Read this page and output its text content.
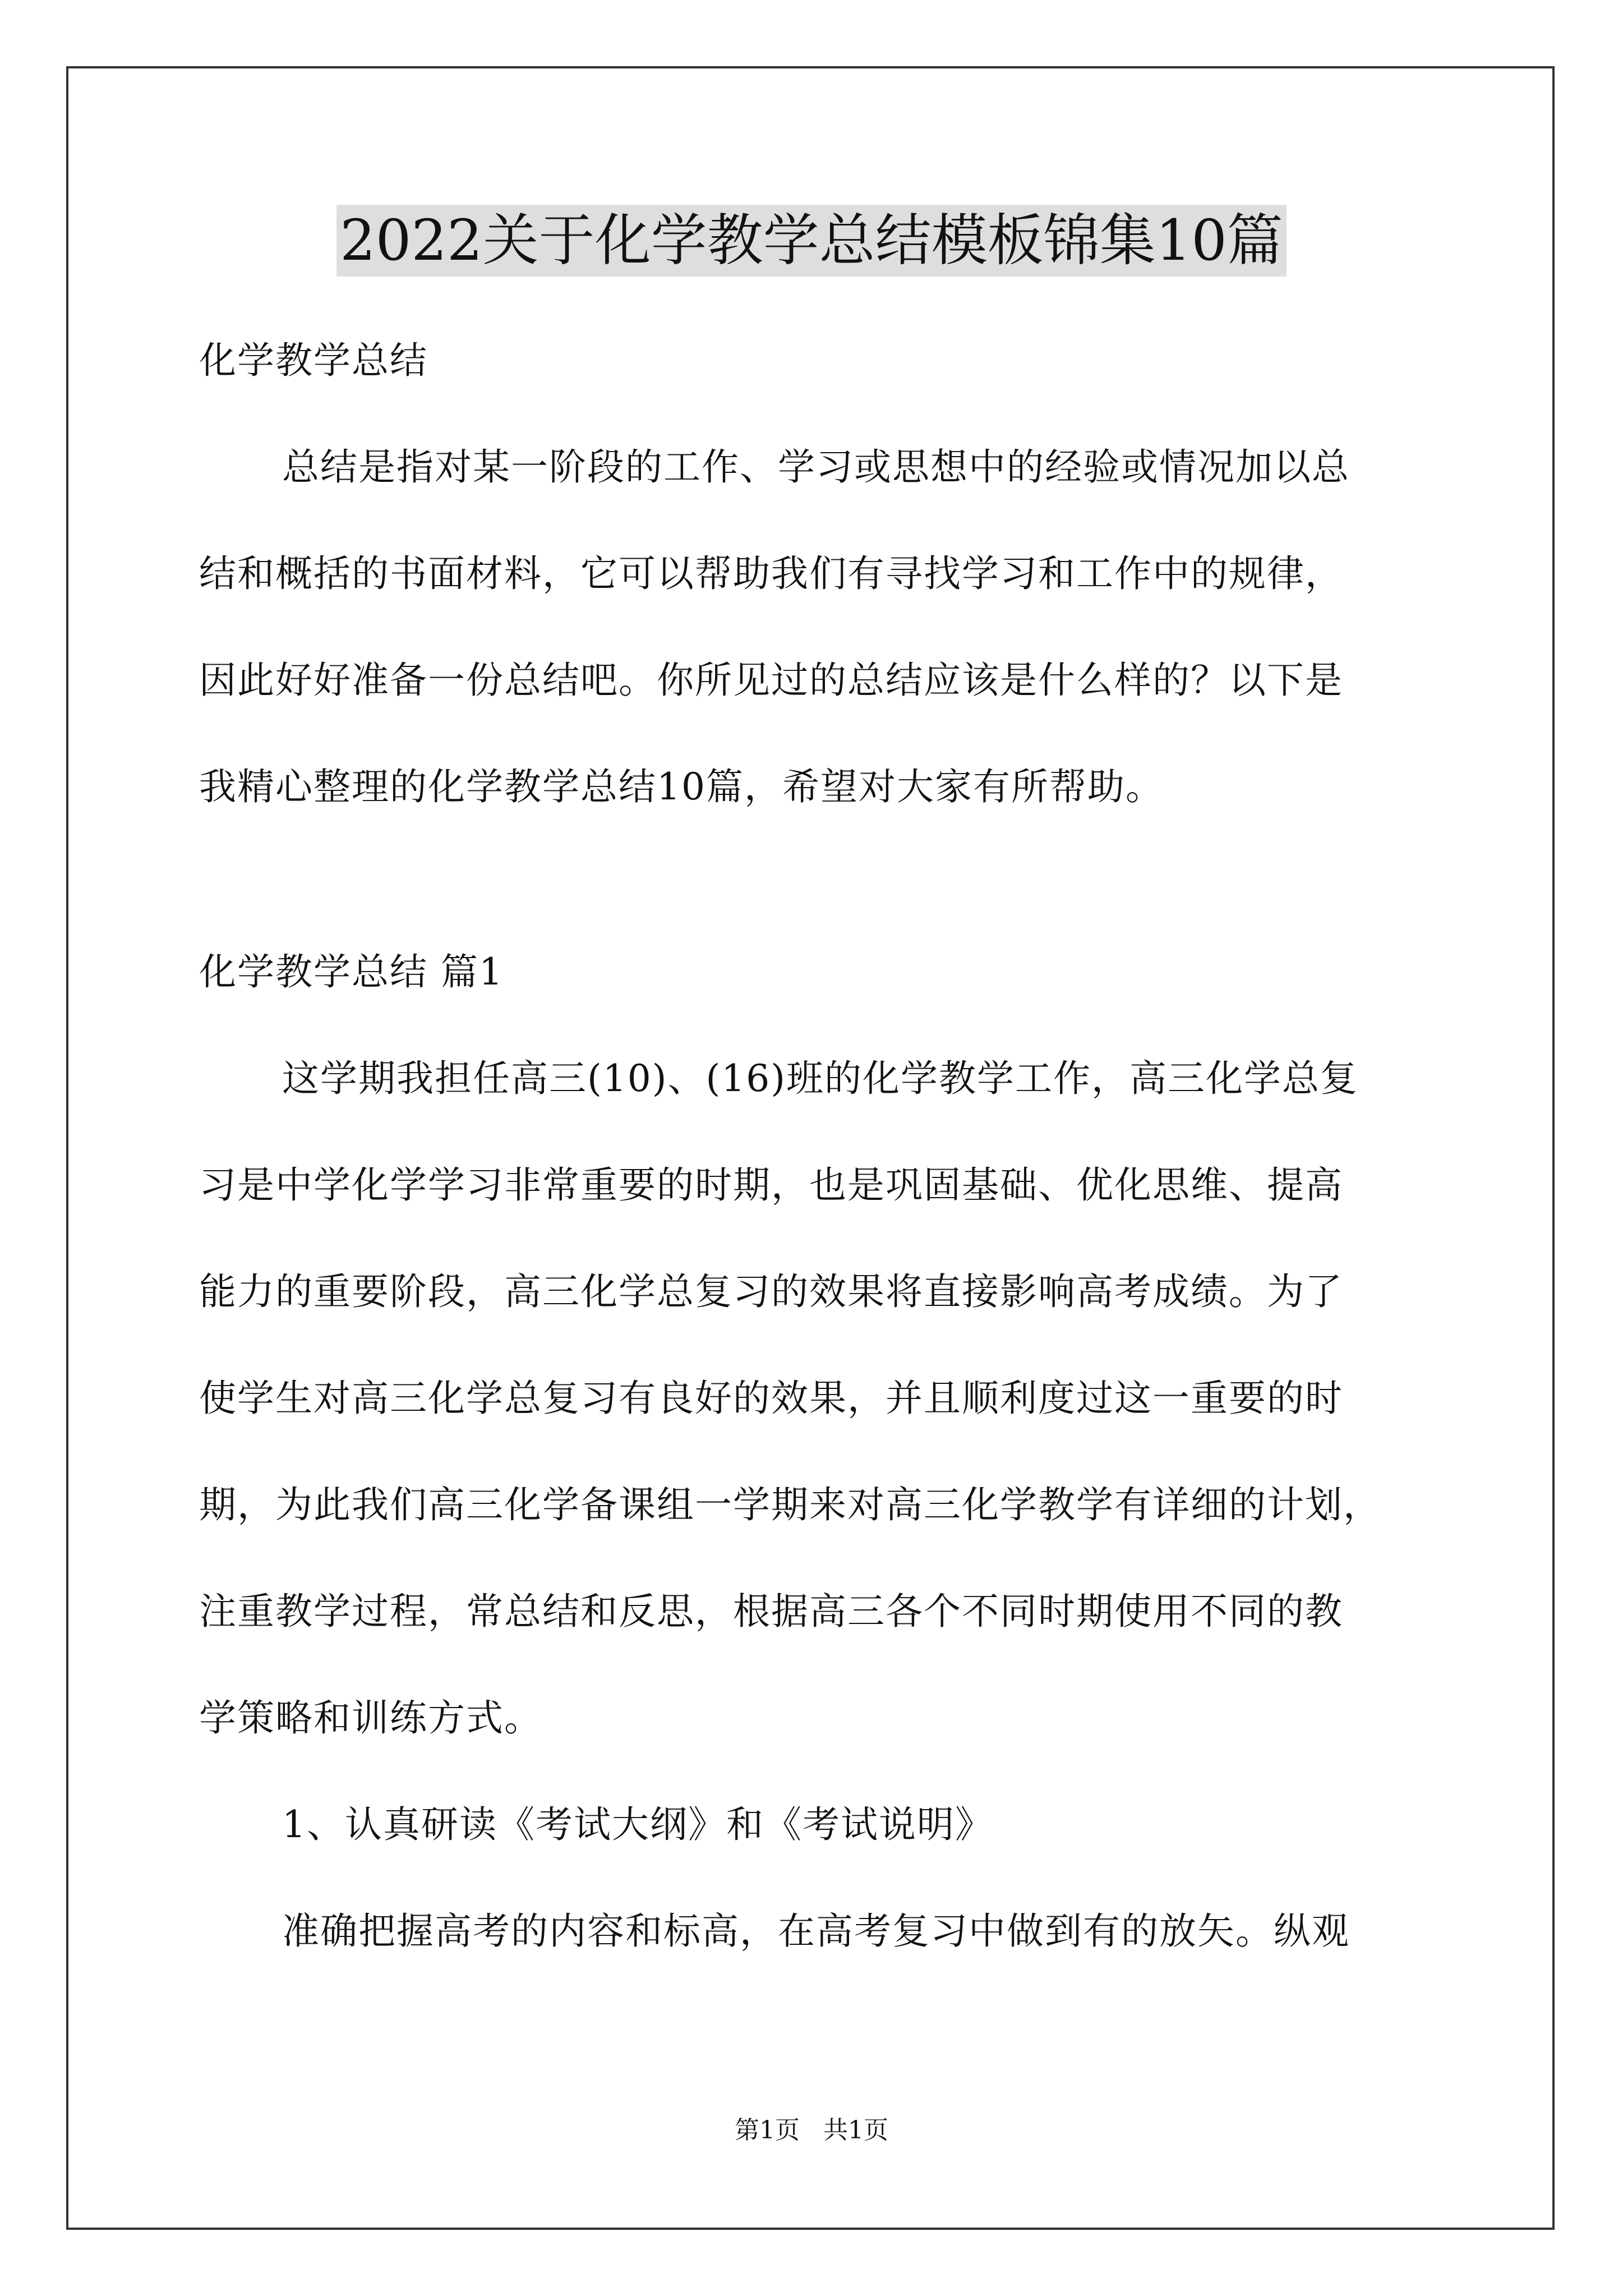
2022关于化学教学总结模板锦集10篇
化学教学总结
总结是指对某一阶段的工作、学习或思想中的经验或情况加以总
结和概括的书面材料，它可以帮助我们有寻找学习和工作中的规律，
因此好好准备一份总结吧。你所见过的总结应该是什么样的？以下是
我精心整理的化学教学总结10篇，希望对大家有所帮助。
化学教学总结 篇1
这学期我担任高三(10)、(16)班的化学教学工作，高三化学总复
习是中学化学学习非常重要的时期，也是巩固基础、优化思维、提高
能力的重要阶段，高三化学总复习的效果将直接影响高考成绩。为了
使学生对高三化学总复习有良好的效果，并且顺利度过这一重要的时
期，为此我们高三化学备课组一学期来对高三化学教学有详细的计划，
注重教学过程，常总结和反思，根据高三各个不同时期使用不同的教
学策略和训练方式。
1、认真研读《考试大纲》和《考试说明》
准确把握高考的内容和标高，在高考复习中做到有的放矢。纵观
第1页   共1页
